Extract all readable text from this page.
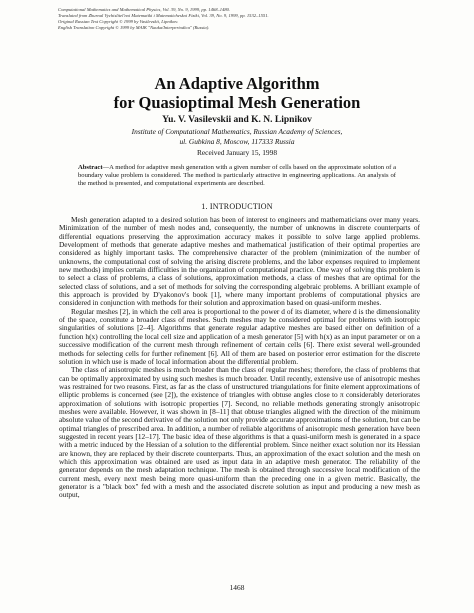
Computational Mathematics and Mathematical Physics, Vol. 39, No. 9, 1999, pp. 1468–1480.
Translated from Zhurnal Vychislitel'noi Matematiki i Matematicheskoi Fiziki, Vol. 39, No. 9, 1999, pp. 1532–1551.
Original Russian Text Copyright © 1999 by Vasilevskii, Lipnikov.
English Translation Copyright © 1999 by MAIK "Nauka/Interperiodica" (Russia).
An Adaptive Algorithm
for Quasioptimal Mesh Generation
Yu. V. Vasilevskii and K. N. Lipnikov
Institute of Computational Mathematics, Russian Academy of Sciences,
ul. Gubkina 8, Moscow, 117333 Russia
Received January 15, 1998
Abstract—A method for adaptive mesh generation with a given number of cells based on the approximate solution of a boundary value problem is considered. The method is particularly attractive in engineering applications. An analysis of the method is presented, and computational experiments are described.
1. INTRODUCTION

Mesh generation adapted to a desired solution has been of interest to engineers and mathematicians over many years. Minimization of the number of mesh nodes and, consequently, the number of unknowns in discrete counterparts of differential equations preserving the approximation accuracy makes it possible to solve large applied problems. Development of methods that generate adaptive meshes and mathematical justification of their optimal properties are considered as highly important tasks. The comprehensive character of the problem (minimization of the number of unknowns, the computational cost of solving the arising discrete problems, and the labor expenses required to implement new methods) implies certain difficulties in the organization of computational practice. One way of solving this problem is to select a class of problems, a class of solutions, approximation methods, a class of meshes that are optimal for the selected class of solutions, and a set of methods for solving the corresponding algebraic problems. A brilliant example of this approach is provided by D'yakonov's book [1], where many important problems of computational physics are considered in conjunction with methods for their solution and approximation based on quasi-uniform meshes.

Regular meshes [2], in which the cell area is proportional to the power d of its diameter, where d is the dimensionality of the space, constitute a broader class of meshes. Such meshes may be considered optimal for problems with isotropic singularities of solutions [2–4]. Algorithms that generate regular adaptive meshes are based either on definition of a function h(x) controlling the local cell size and application of a mesh generator [5] with h(x) as an input parameter or on a successive modification of the current mesh through refinement of certain cells [6]. There exist several well-grounded methods for selecting cells for further refinement [6]. All of them are based on posterior error estimation for the discrete solution in which use is made of local information about the differential problem.

The class of anisotropic meshes is much broader than the class of regular meshes; therefore, the class of problems that can be optimally approximated by using such meshes is much broader. Until recently, extensive use of anisotropic meshes was restrained for two reasons. First, as far as the class of unstructured triangulations for finite element approximations of elliptic problems is concerned (see [2]), the existence of triangles with obtuse angles close to π considerably deteriorates approximation of solutions with isotropic properties [7]. Second, no reliable methods generating strongly anisotropic meshes were available. However, it was shown in [8–11] that obtuse triangles aligned with the direction of the minimum absolute value of the second derivative of the solution not only provide accurate approximations of the solution, but can be optimal triangles of prescribed area. In addition, a number of reliable algorithms of anisotropic mesh generation have been suggested in recent years [12–17]. The basic idea of these algorithms is that a quasi-uniform mesh is generated in a space with a metric induced by the Hessian of a solution to the differential problem. Since neither exact solution nor its Hessian are known, they are replaced by their discrete counterparts. Thus, an approximation of the exact solution and the mesh on which this approximation was obtained are used as input data in an adaptive mesh generator. The reliability of the generator depends on the mesh adaptation technique. The mesh is obtained through successive local modification of the current mesh, every next mesh being more quasi-uniform than the preceding one in a given metric. Basically, the generator is a "black box" fed with a mesh and the associated discrete solution as input and producing a new mesh as output,

1468
